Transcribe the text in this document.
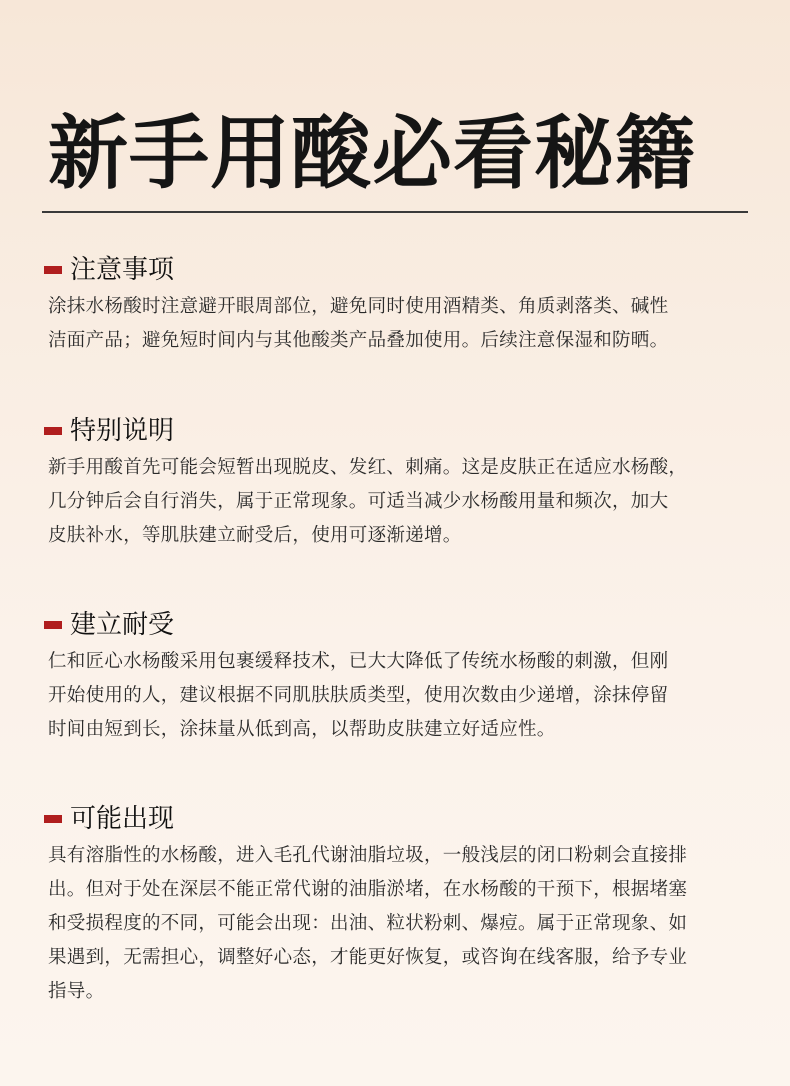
新手用酸必看秘籍
注意事项
涂抹水杨酸时注意避开眼周部位，避免同时使用酒精类、角质剥落类、碱性
洁面产品；避免短时间内与其他酸类产品叠加使用。后续注意保湿和防晒。
特别说明
新手用酸首先可能会短暂出现脱皮、发红、刺痛。这是皮肤正在适应水杨酸，
几分钟后会自行消失，属于正常现象。可适当减少水杨酸用量和频次，加大
皮肤补水，等肌肤建立耐受后，使用可逐渐递增。
建立耐受
仁和匠心水杨酸采用包裹缓释技术，已大大降低了传统水杨酸的刺激，但刚
开始使用的人，建议根据不同肌肤肤质类型，使用次数由少递增，涂抹停留
时间由短到长，涂抹量从低到高，以帮助皮肤建立好适应性。
可能出现
具有溶脂性的水杨酸，进入毛孔代谢油脂垃圾，一般浅层的闭口粉刺会直接排
出。但对于处在深层不能正常代谢的油脂淤堵，在水杨酸的干预下，根据堵塞
和受损程度的不同，可能会出现：出油、粒状粉刺、爆痘。属于正常现象、如
果遇到，无需担心，调整好心态，才能更好恢复，或咨询在线客服，给予专业
指导。
